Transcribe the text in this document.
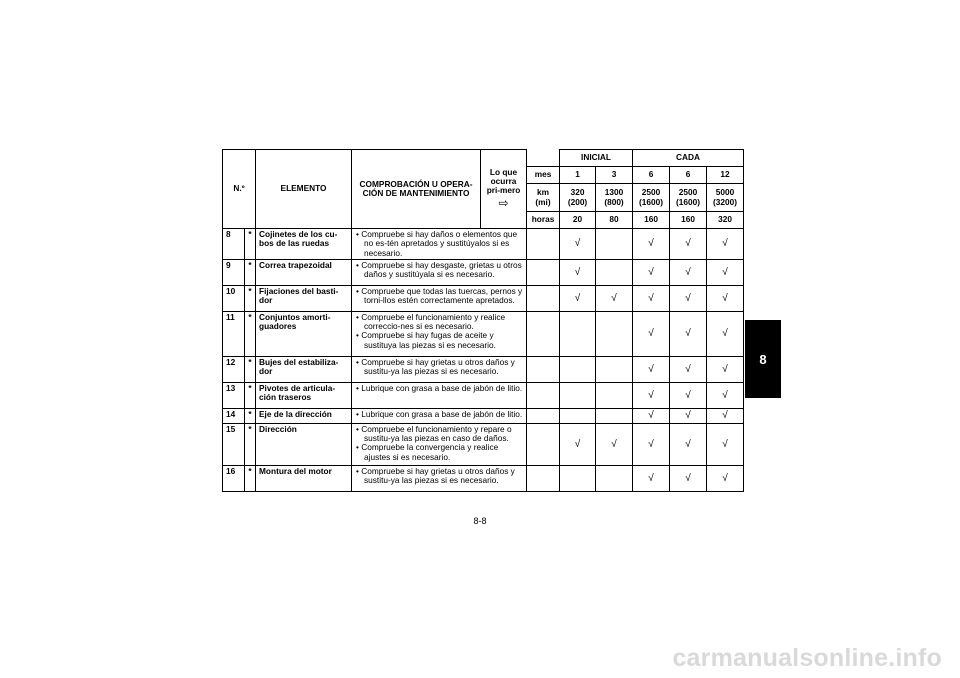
N.º		ELEMENTO	COMPROBACIÓN U OPERA-CIÓN DE MANTENIMIENTO	Lo que ocurra pri-mero
⇨		INICIAL		CADA		
					mes	1	3	6	6	12
					km (mi)	320 (200)	1300 (800)	2500 (1600)	2500 (1600)	5000 (3200)
					horas	20	80	160	160	320
8	*	Cojinetes de los cu-bos de las ruedas	• Compruebe si hay daños o elementos que no es-tén apretados y sustitúyalos si es necesario.			√		√	√	√
9	*	Correa trapezoidal	• Compruebe si hay desgaste, grietas u otros daños y sustitúyala si es necesario.			√		√	√	√
10	*	Fijaciones del basti-dor	• Compruebe que todas las tuercas, pernos y torni-llos estén correctamente apretados.			√	√	√	√	√
11	*	Conjuntos amorti-guadores	• Compruebe el funcionamiento y realice correccio-nes si es necesario.
• Compruebe si hay fugas de aceite y sustituya las piezas si es necesario.					√	√	√
12	*	Bujes del estabiliza-dor	• Compruebe si hay grietas u otros daños y sustitu-ya las piezas si es necesario.					√	√	√
13	*	Pivotes de articula-ción traseros	• Lubrique con grasa a base de jabón de litio.					√	√	√
14	*	Eje de la dirección	• Lubrique con grasa a base de jabón de litio.					√	√	√
15	*	Dirección	• Compruebe el funcionamiento y repare o sustitu-ya las piezas en caso de daños.
• Compruebe la convergencia y realice ajustes si es necesario.			√	√	√	√	√
16	*	Montura del motor	• Compruebe si hay grietas u otros daños y sustitu-ya las piezas si es necesario.					√	√	√
8
8-8
carmanualsonline.info
